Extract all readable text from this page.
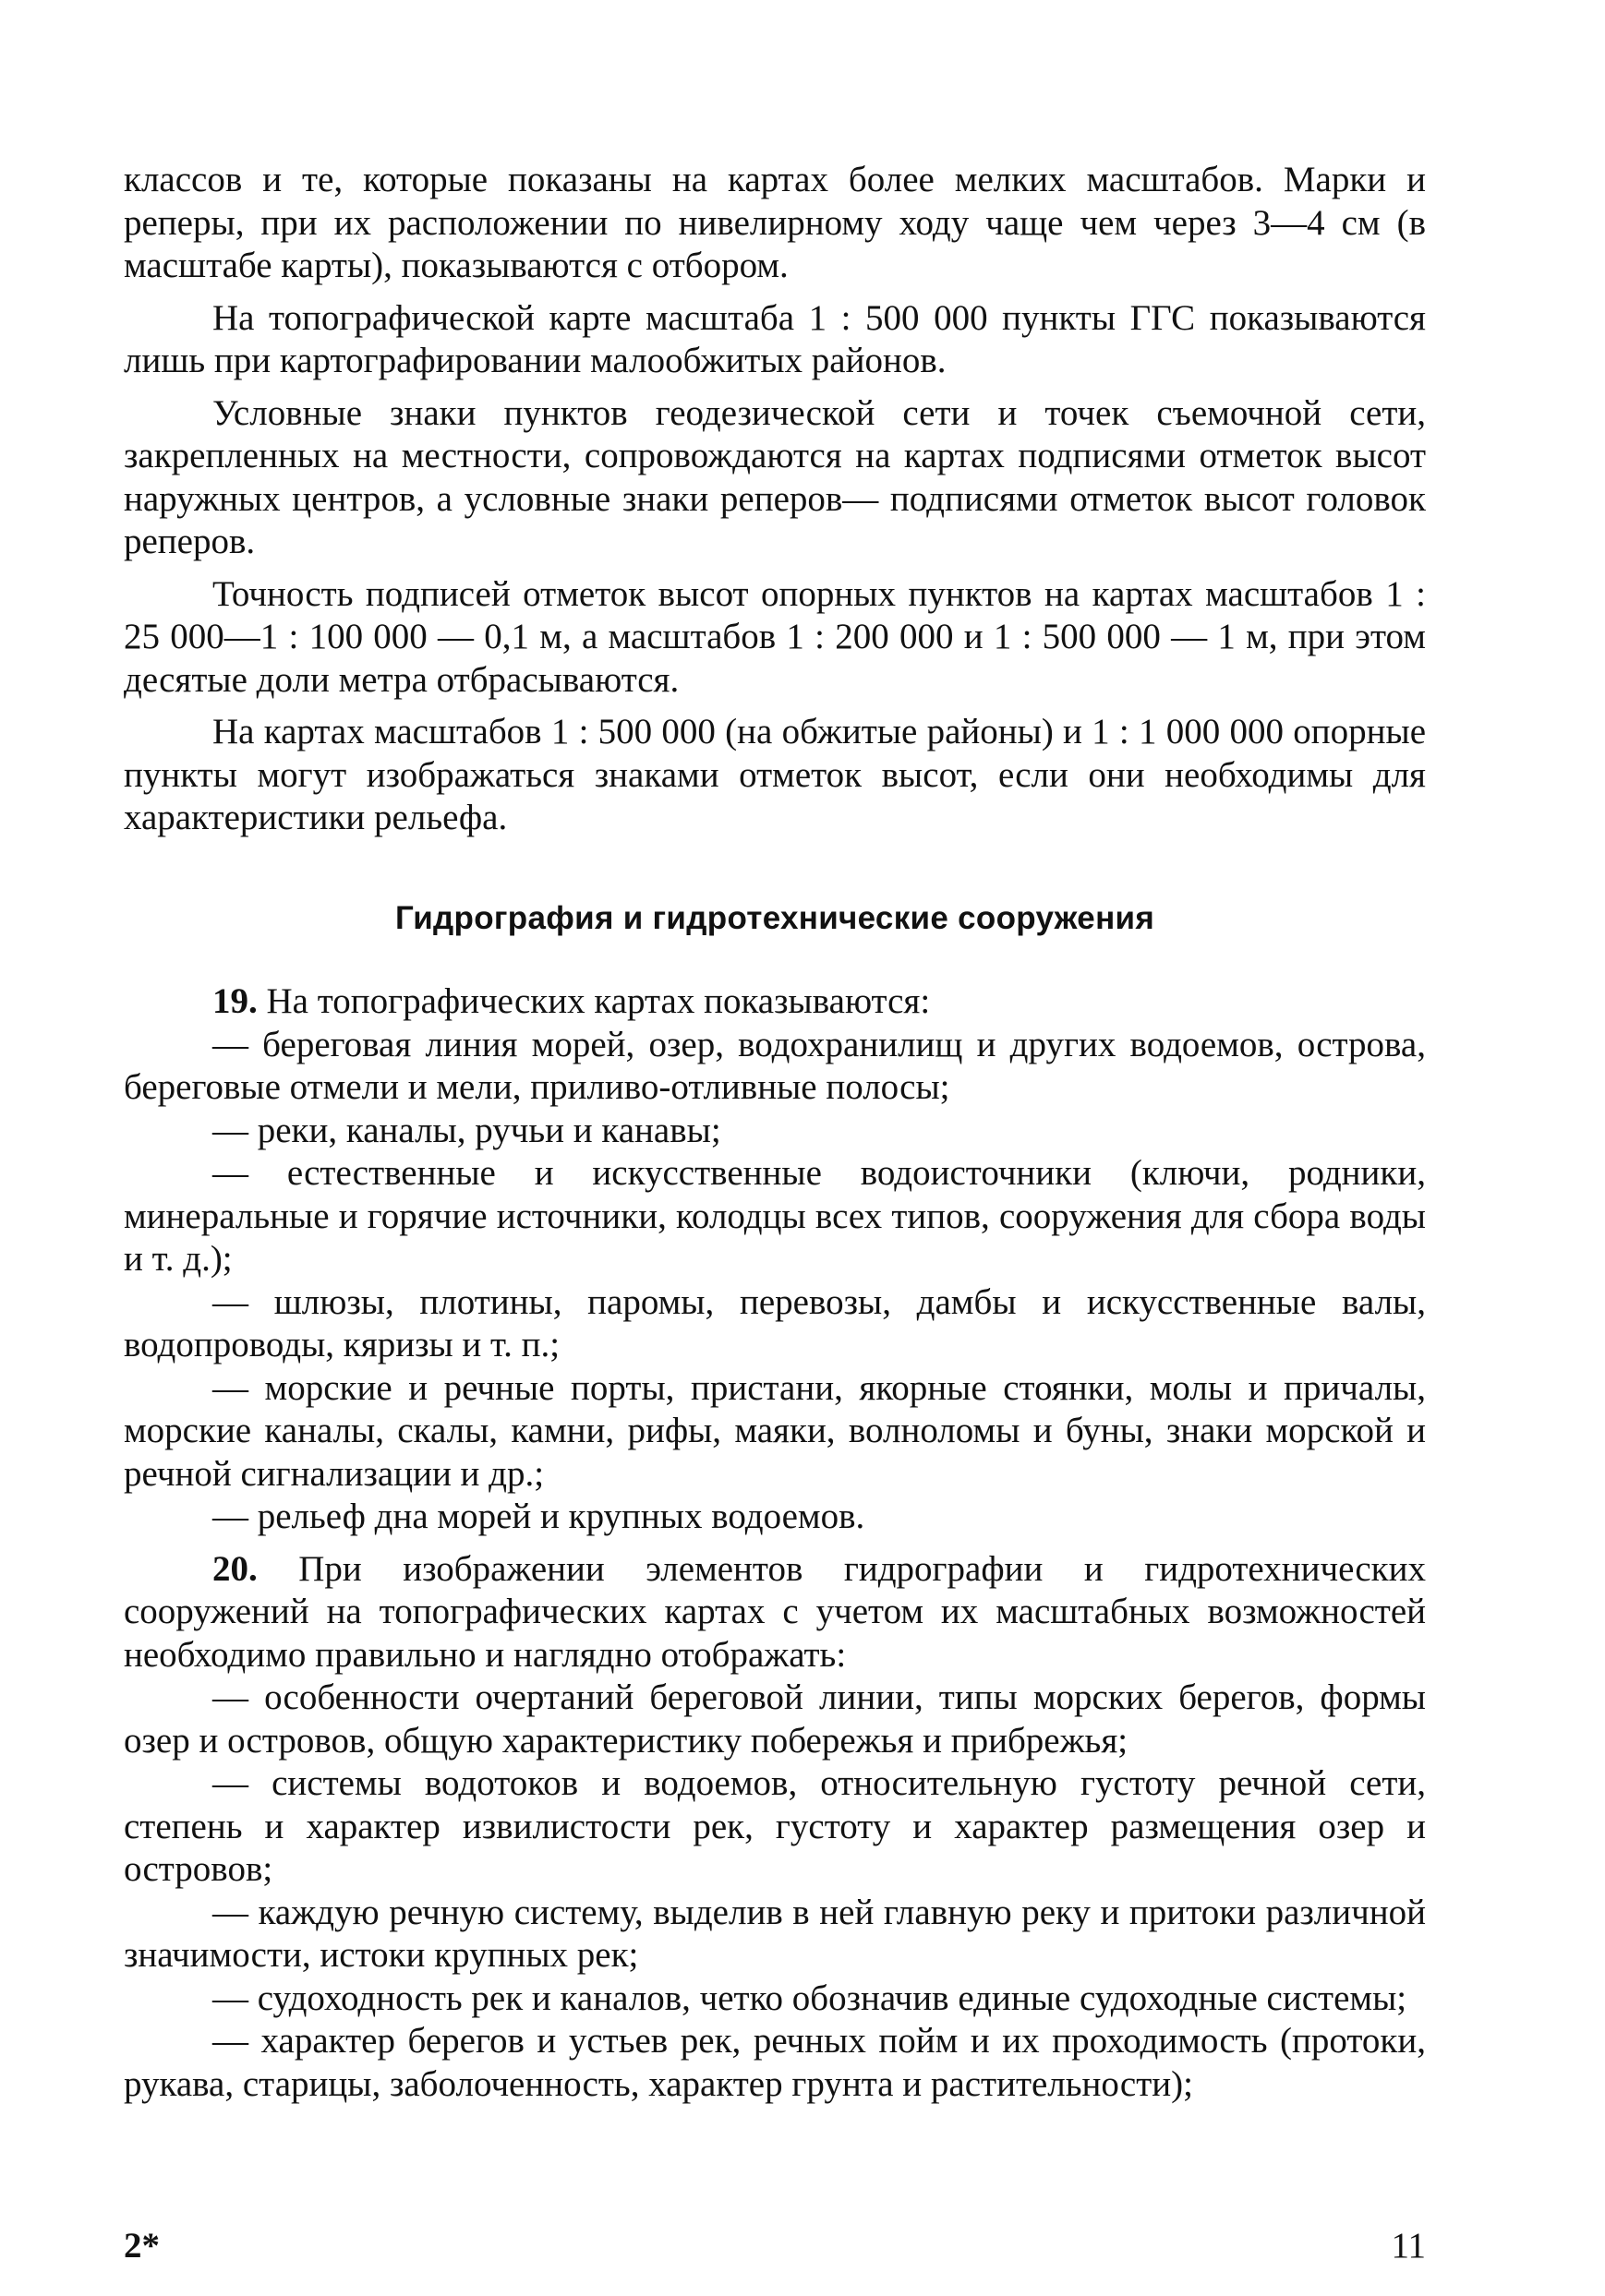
классов и те, которые показаны на картах более мелких масштабов. Марки и реперы, при их расположении по нивелирному ходу чаще чем через 3—4 см (в масштабе карты), показываются с отбором.

На топографической карте масштаба 1 : 500 000 пункты ГГС показываются лишь при картографировании малообжитых районов.

Условные знаки пунктов геодезической сети и точек съемочной сети, закрепленных на местности, сопровождаются на картах подписями отметок высот наружных центров, а условные знаки реперов— подписями отметок высот головок реперов.

Точность подписей отметок высот опорных пунктов на картах масштабов 1 : 25 000—1 : 100 000 — 0,1 м, а масштабов 1 : 200 000 и 1 : 500 000 — 1 м, при этом десятые доли метра отбрасываются.

На картах масштабов 1 : 500 000 (на обжитые районы) и 1 : 1 000 000 опорные пункты могут изображаться знаками отметок высот, если они необходимы для характеристики рельефа.

Гидрография и гидротехнические сооружения

19. На топографических картах показываются:

— береговая линия морей, озер, водохранилищ и других водоемов, острова, береговые отмели и мели, приливо-отливные полосы;

— реки, каналы, ручьи и канавы;

— естественные и искусственные водоисточники (ключи, родники, минеральные и горячие источники, колодцы всех типов, сооружения для сбора воды и т. д.);

— шлюзы, плотины, паромы, перевозы, дамбы и искусственные валы, водопроводы, кяризы и т. п.;

— морские и речные порты, пристани, якорные стоянки, молы и причалы, морские каналы, скалы, камни, рифы, маяки, волноломы и буны, знаки морской и речной сигнализации и др.;

— рельеф дна морей и крупных водоемов.

20. При изображении элементов гидрографии и гидротехнических сооружений на топографических картах с учетом их масштабных возможностей необходимо правильно и наглядно отображать:

— особенности очертаний береговой линии, типы морских берегов, формы озер и островов, общую характеристику побережья и прибрежья;

— системы водотоков и водоемов, относительную густоту речной сети, степень и характер извилистости рек, густоту и характер размещения озер и островов;

— каждую речную систему, выделив в ней главную реку и притоки различной значимости, истоки крупных рек;

— судоходность рек и каналов, четко обозначив единые судоходные системы;

— характер берегов и устьев рек, речных пойм и их проходимость (протоки, рукава, старицы, заболоченность, характер грунта и растительности);

2*	11
